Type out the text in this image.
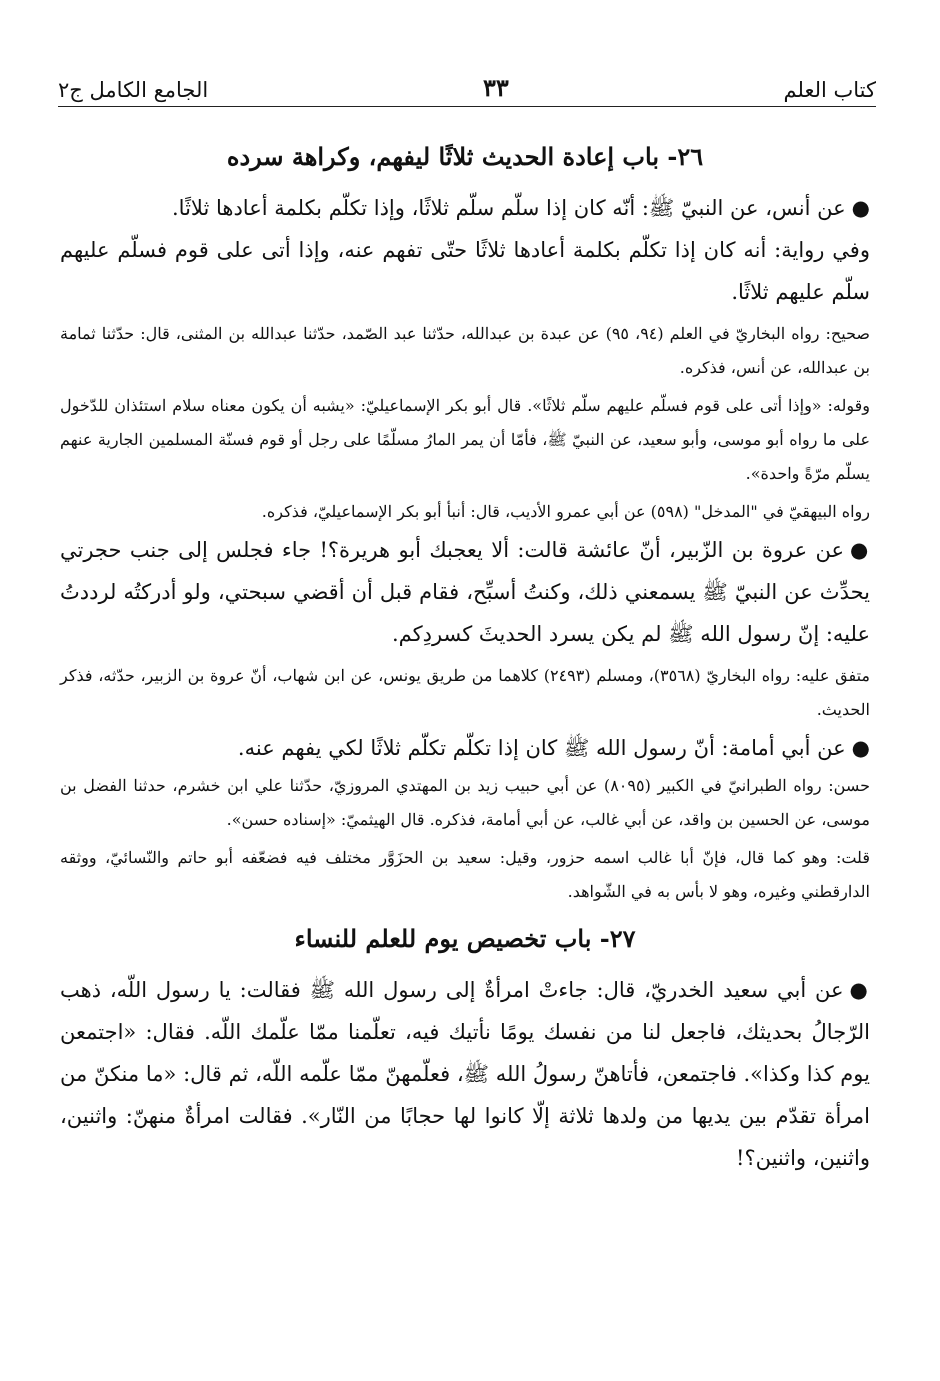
كتاب العلم
٣٣
الجامع الكامل ج٢
٢٦- باب إعادة الحديث ثلاثًا ليفهم، وكراهة سرده

●عن أنس، عن النبيّ ﷺ: أنّه كان إذا سلّم سلّم ثلاثًا، وإذا تكلّم بكلمة أعادها ثلاثًا.

وفي رواية: أنه كان إذا تكلّم بكلمة أعادها ثلاثًا حتّى تفهم عنه، وإذا أتى على قوم فسلّم عليهم سلّم عليهم ثلاثًا.

صحيح: رواه البخاريّ في العلم (٩٤، ٩٥) عن عبدة بن عبدالله، حدّثنا عبد الصّمد، حدّثنا عبدالله بن المثنى، قال: حدّثنا ثمامة بن عبدالله، عن أنس، فذكره.

وقوله: «وإذا أتى على قوم فسلّم عليهم سلّم ثلاثًا». قال أبو بكر الإسماعيليّ: «يشبه أن يكون معناه سلام استئذان للدّخول على ما رواه أبو موسى، وأبو سعيد، عن النبيّ ﷺ، فأمّا أن يمر المارُ مسلّمًا على رجل أو قوم فسنّة المسلمين الجارية عنهم يسلّم مرّةً واحدة».

رواه البيهقيّ في "المدخل" (٥٩٨) عن أبي عمرو الأديب، قال: أنبأ أبو بكر الإسماعيليّ، فذكره.

●عن عروة بن الزّبير، أنّ عائشة قالت: ألا يعجبك أبو هريرة؟! جاء فجلس إلى جنب حجرتي يحدِّث عن النبيّ ﷺ يسمعني ذلك، وكنتُ أسبِّح، فقام قبل أن أقضي سبحتي، ولو أدركتُه لرددتُ عليه: إنّ رسول الله ﷺ لم يكن يسرد الحديثَ كسردِكم.

متفق عليه: رواه البخاريّ (٣٥٦٨)، ومسلم (٢٤٩٣) كلاهما من طريق يونس، عن ابن شهاب، أنّ عروة بن الزبير، حدّثه، فذكر الحديث.

●عن أبي أمامة: أنّ رسول الله ﷺ كان إذا تكلّم تكلّم ثلاثًا لكي يفهم عنه.

حسن: رواه الطبرانيّ في الكبير (٨٠٩٥) عن أبي حبيب زيد بن المهتدي المروزيّ، حدّثنا علي ابن خشرم، حدثنا الفضل بن موسى، عن الحسين بن واقد، عن أبي غالب، عن أبي أمامة، فذكره. قال الهيثميّ: «إسناده حسن».

قلت: وهو كما قال، فإنّ أبا غالب اسمه حزور، وقيل: سعيد بن الحزَوَّر مختلف فيه فضعّفه أبو حاتم والنّسائيّ، ووثقه الدارقطني وغيره، وهو لا بأس به في الشّواهد.

٢٧- باب تخصيص يوم للعلم للنساء

●عن أبي سعيد الخدريّ، قال: جاءتْ امرأةٌ إلى رسول الله ﷺ فقالت: يا رسول اللّه، ذهب الرّجالُ بحديثك، فاجعل لنا من نفسك يومًا نأتيك فيه، تعلّمنا ممّا علّمك اللّه. فقال: «اجتمعن يوم كذا وكذا». فاجتمعن، فأتاهنّ رسولُ الله ﷺ، فعلّمهنّ ممّا علّمه اللّه، ثم قال: «ما منكنّ من امرأة تقدّم بين يديها من ولدها ثلاثة إلّا كانوا لها حجابًا من النّار». فقالت امرأةٌ منهنّ: واثنين، واثنين، واثنين؟!
